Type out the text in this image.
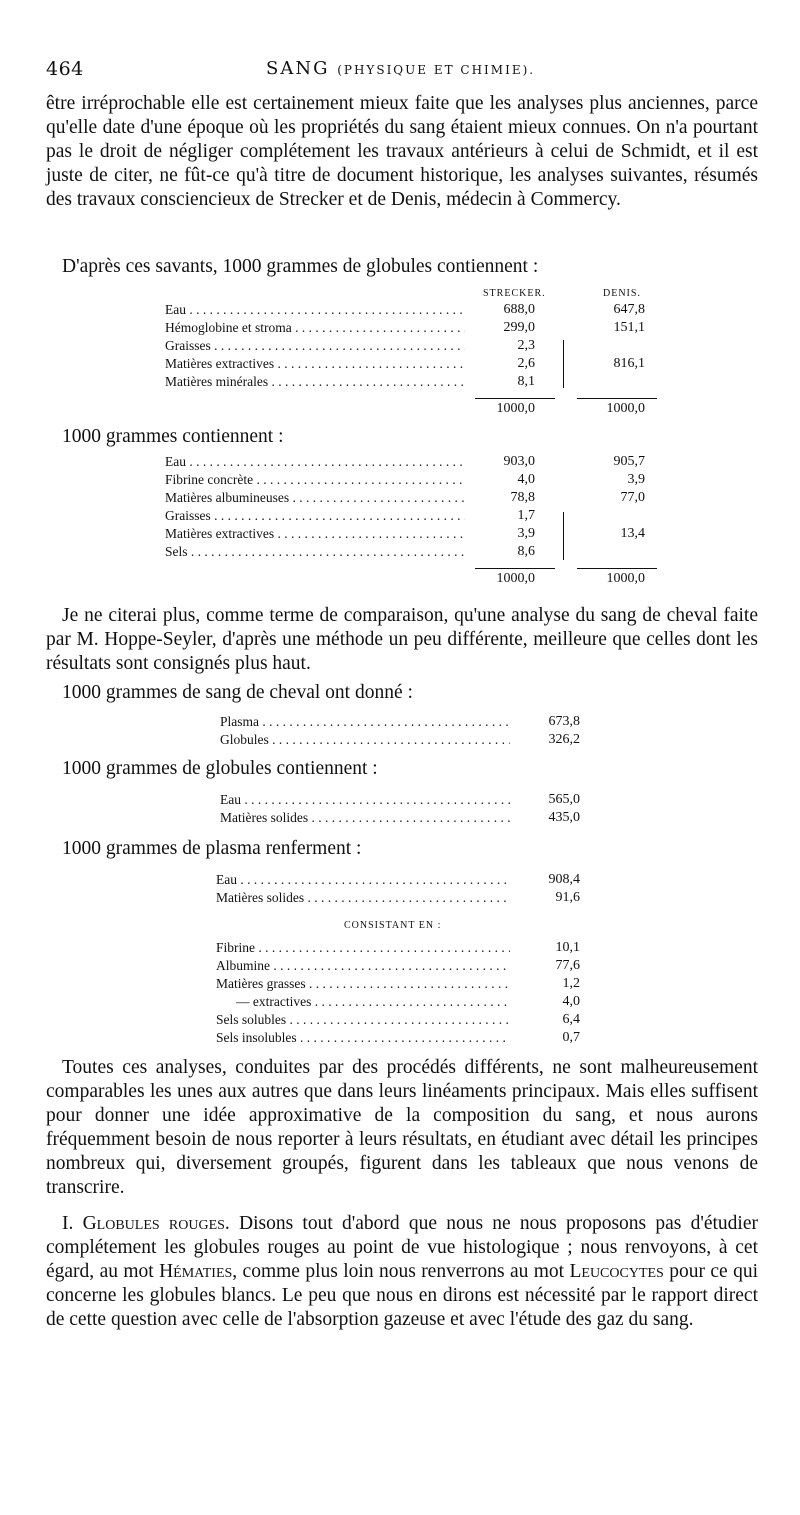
464	SANG (PHYSIQUE ET CHIMIE).
être irréprochable elle est certainement mieux faite que les analyses plus anciennes, parce qu'elle date d'une époque où les propriétés du sang étaient mieux connues. On n'a pourtant pas le droit de négliger complétement les travaux antérieurs à celui de Schmidt, et il est juste de citer, ne fût-ce qu'à titre de document historique, les analyses suivantes, résumés des travaux consciencieux de Strecker et de Denis, médecin à Commercy.
D'après ces savants, 1000 grammes de globules contiennent :
STRECKER.	DENIS.
Eau . . .	688,0	647,8
Hémoglobine et stroma . . .	299,0	151,1
Graisses . . .	2,3
Matières extractives . . .	2,6	816,1
Matières minérales . . .	8,1
1000,0	1000,0
1000 grammes contiennent :
Eau . . .	903,0	905,7
Fibrine concrète . . .	4,0	3,9
Matières albumineuses . . .	78,8	77,0
Graisses . . .	1,7
Matières extractives . . .	3,9	13,4
Sels . . .	8,6
1000,0	1000,0
Je ne citerai plus, comme terme de comparaison, qu'une analyse du sang de cheval faite par M. Hoppe-Seyler, d'après une méthode un peu différente, meilleure que celles dont les résultats sont consignés plus haut.
1000 grammes de sang de cheval ont donné :
Plasma . . .	673,8
Globules . . .	326,2
1000 grammes de globules contiennent :
Eau . . .	565,0
Matières solides . . .	435,0
1000 grammes de plasma renferment :
Eau . . .	908,4
Matières solides . . .	91,6
CONSISTANT EN :
Fibrine . . .	10,1
Albumine . . .	77,6
Matières grasses . . .	1,2
— extractives . . .	4,0
Sels solubles . . .	6,4
Sels insolubles . . .	0,7
Toutes ces analyses, conduites par des procédés différents, ne sont malheureusement comparables les unes aux autres que dans leurs linéaments principaux. Mais elles suffisent pour donner une idée approximative de la composition du sang, et nous aurons fréquemment besoin de nous reporter à leurs résultats, en étudiant avec détail les principes nombreux qui, diversement groupés, figurent dans les tableaux que nous venons de transcrire.
I. Globules rouges. Disons tout d'abord que nous ne nous proposons pas d'étudier complétement les globules rouges au point de vue histologique ; nous renvoyons, à cet égard, au mot Hématies, comme plus loin nous renverrons au mot Leucocytes pour ce qui concerne les globules blancs. Le peu que nous en dirons est nécessité par le rapport direct de cette question avec celle de l'absorption gazeuse et avec l'étude des gaz du sang.
